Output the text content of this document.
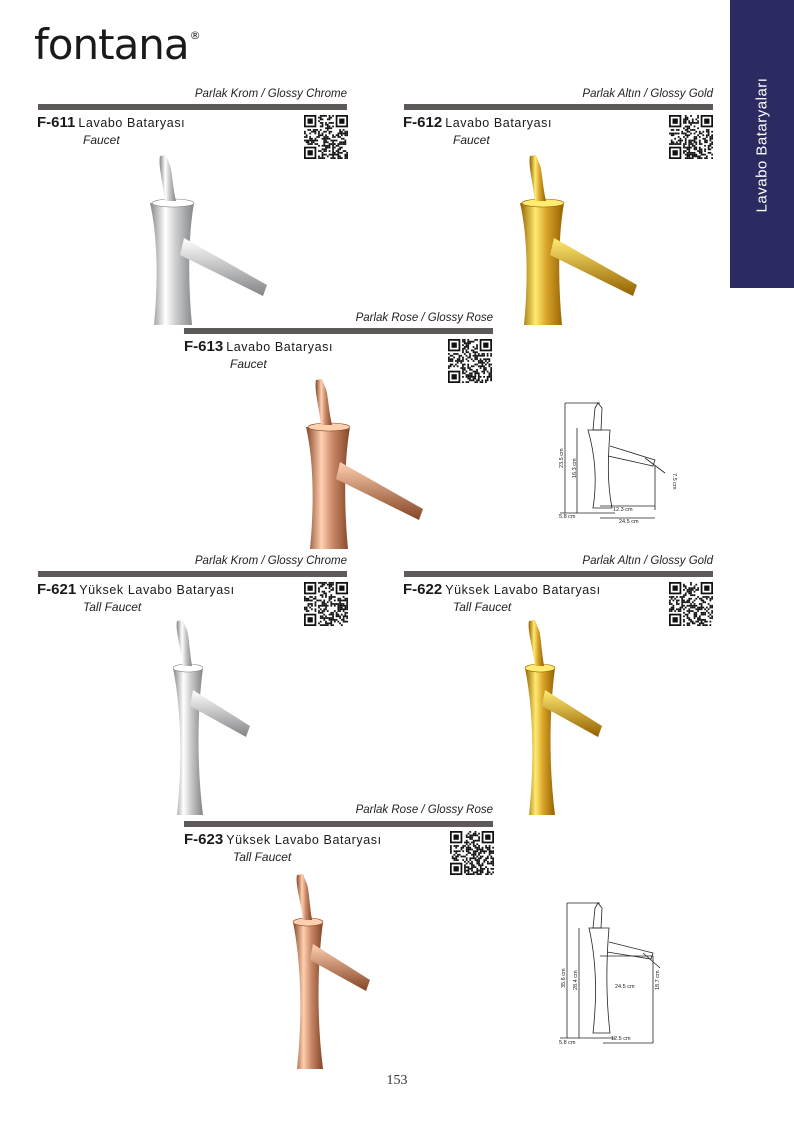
fontana®
Lavabo Bataryaları
Parlak Krom / Glossy Chrome
F-611 Lavabo Bataryası
Faucet
Parlak Altın / Glossy Gold
F-612 Lavabo Bataryası
Faucet
Parlak Rose / Glossy Rose
F-613 Lavabo Bataryası
Faucet
Parlak Krom / Glossy Chrome
F-621 Yüksek Lavabo Bataryası
Tall Faucet
Parlak Altın / Glossy Gold
F-622 Yüksek Lavabo Bataryası
Tall Faucet
Parlak Rose / Glossy Rose
F-623 Yüksek Lavabo Bataryası
Tall Faucet
23.5 cm
16.3 cm
7.5 cm
12.3 cm
24.5 cm
5.8 cm
35.6 cm 28.4 cm	24.5 cm	18.7 cm
12.5 cm
5.8 cm
153
